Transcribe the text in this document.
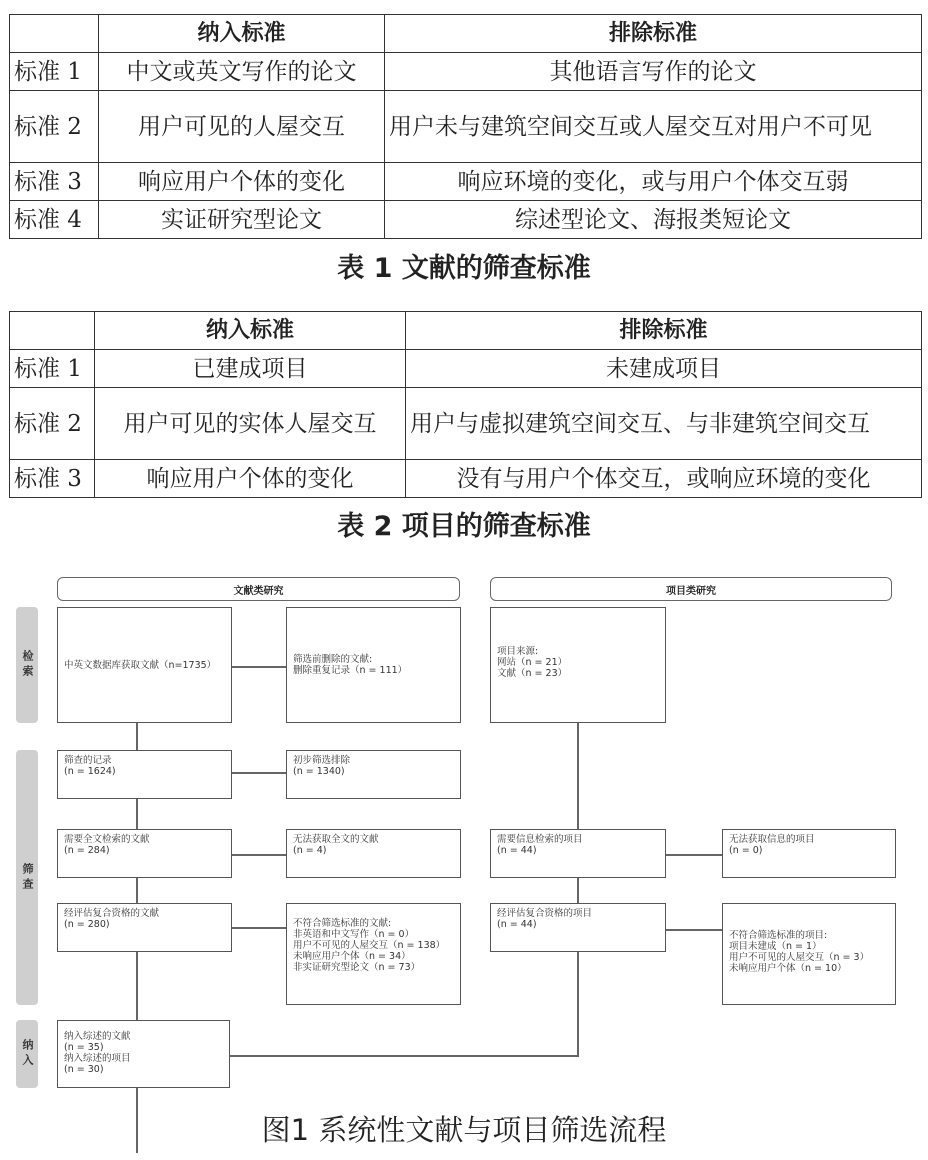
	纳入标准	排除标准
标准 1	中文或英文写作的论文	其他语言写作的论文
标准 2	用户可见的人屋交互	用户未与建筑空间交互或人屋交互对用户不可见
标准 3	响应用户个体的变化	响应环境的变化，或与用户个体交互弱
标准 4	实证研究型论文	综述型论文、海报类短论文
表 1 文献的筛查标准
	纳入标准	排除标准
标准 1	已建成项目	未建成项目
标准 2	用户可见的实体人屋交互	用户与虚拟建筑空间交互、与非建筑空间交互
标准 3	响应用户个体的变化	没有与用户个体交互，或响应环境的变化
表 2 项目的筛查标准
文献类研究	项目类研究
检索
筛查
纳入
中英文数据库获取文献（n=1735）	筛选前删除的文献:
删除重复记录（n = 111）
筛查的记录
(n = 1624)
初步筛选排除
(n = 1340)
需要全文检索的文献
(n = 284)
无法获取全文的文献
(n = 4)
经评估复合资格的文献
(n = 280)	不符合筛选标准的文献:
非英语和中文写作（n = 0）
用户不可见的人屋交互（n = 138）
未响应用户个体（n = 34）
非实证研究型论文（n = 73）
项目来源:
网站（n = 21）
文献（n = 23）
需要信息检索的项目
(n = 44)
无法获取信息的项目
(n = 0)
经评估复合资格的项目
(n = 44)
不符合筛选标准的项目:
项目未建成（n = 1）
用户不可见的人屋交互（n = 3）
未响应用户个体（n = 10）
纳入综述的文献
(n = 35)
纳入综述的项目
(n = 30)
图1 系统性文献与项目筛选流程
